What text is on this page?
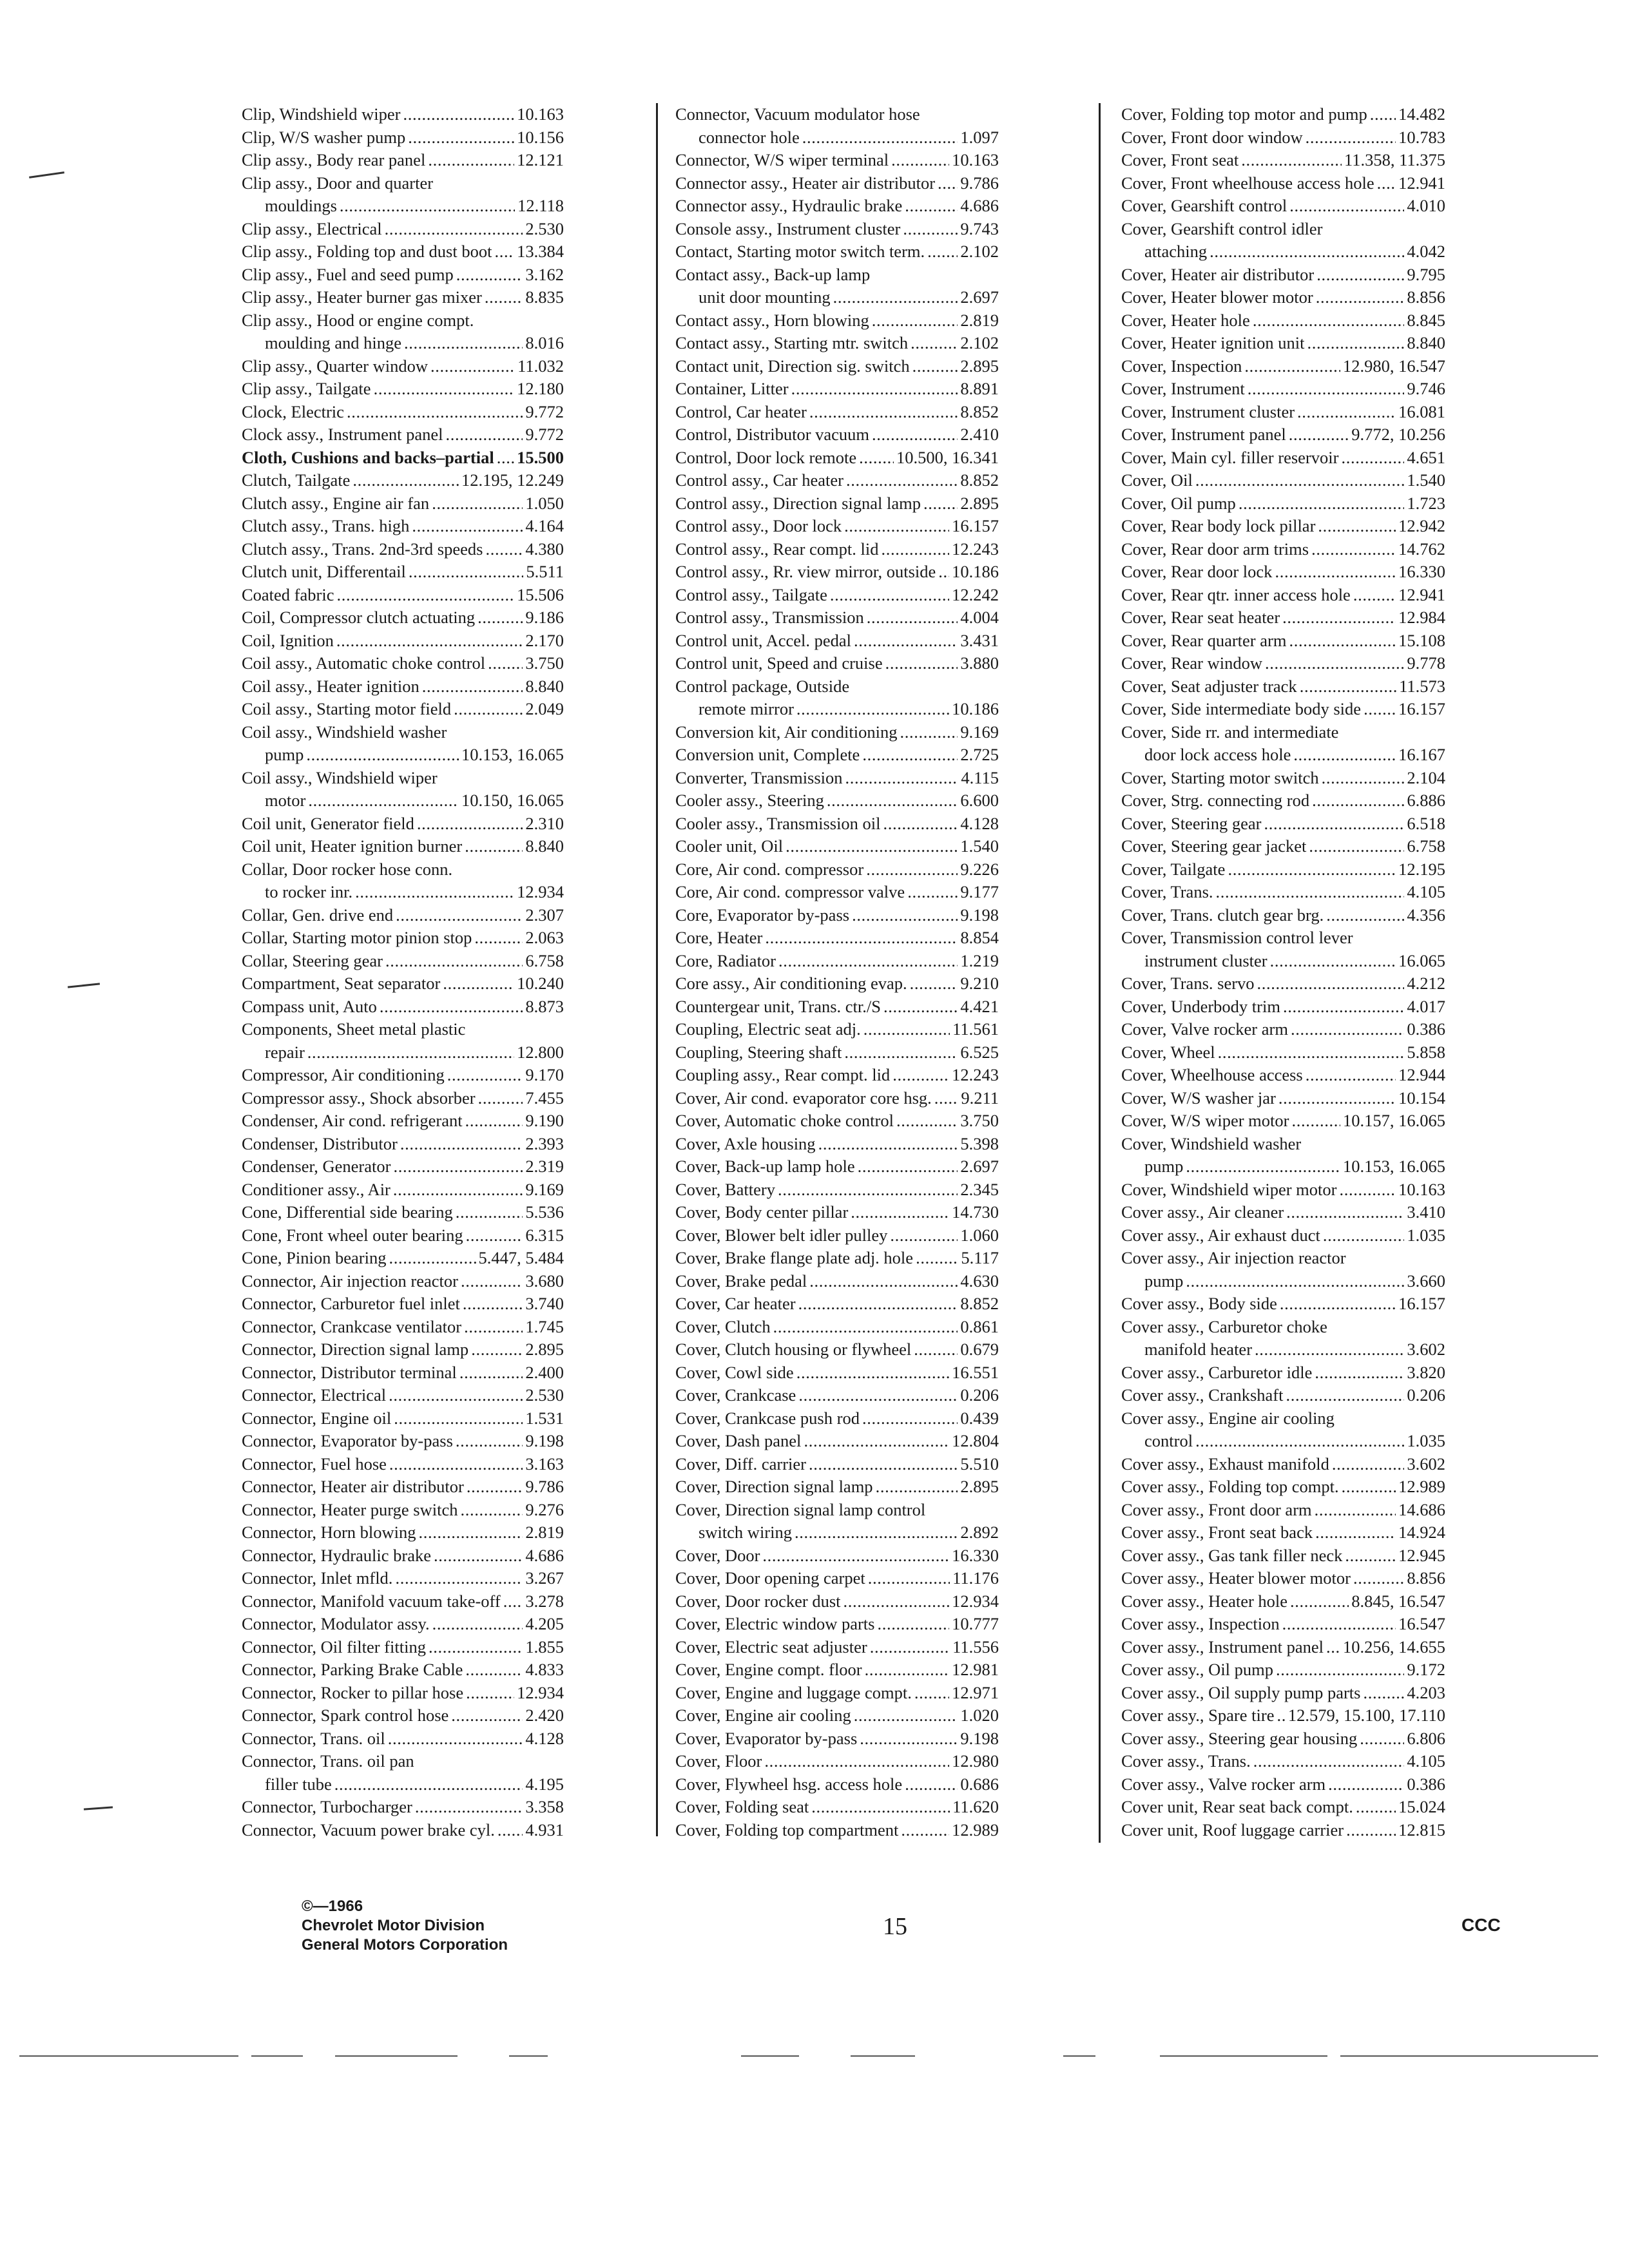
Clip, Windshield wiper . . .	10.163
Clip, W/S washer pump . . .	10.156
Clip assy., Body rear panel . . .	12.121
Clip assy., Door and quarter
mouldings . . .	12.118
Clip assy., Electrical . . .	2.530
Clip assy., Folding top and dust boot . . . 13.384
Clip assy., Fuel and seed pump . . .	3.162
Clip assy., Heater burner gas mixer . . .	8.835
Clip assy., Hood or engine compt.
moulding and hinge . . .	8.016
Clip assy., Quarter window . . .	11.032
Clip assy., Tailgate . . .	12.180
Clock, Electric . . .	9.772
Clock assy., Instrument panel . . .	9.772
Cloth, Cushions and backs–partial . . . 15.500
Clutch, Tailgate . . .	12.195, 12.249
Clutch assy., Engine air fan . . .	1.050
Clutch assy., Trans. high . . .	4.164
Clutch assy., Trans. 2nd-3rd speeds . . . 4.380
Clutch unit, Differentail . . .	5.511
Coated fabric . . .	15.506
Coil, Compressor clutch actuating . . .	9.186
Coil, Ignition . . .	2.170
Coil assy., Automatic choke control . . . 3.750
Coil assy., Heater ignition . . .	8.840
Coil assy., Starting motor field . . .	2.049
Coil assy., Windshield washer
pump . . .	10.153, 16.065
Coil assy., Windshield wiper
motor . . .	10.150, 16.065
Coil unit, Generator field . . .	2.310
Coil unit, Heater ignition burner . . .	8.840
Collar, Door rocker hose conn.
to rocker inr. . . .	12.934
Collar, Gen. drive end . . .	2.307
Collar, Starting motor pinion stop . . .	2.063
Collar, Steering gear . . .	6.758
Compartment, Seat separator . . .	10.240
Compass unit, Auto . . .	8.873
Components, Sheet metal plastic
repair . . .	12.800
Compressor, Air conditioning . . .	9.170
Compressor assy., Shock absorber . . .	7.455
Condenser, Air cond. refrigerant . . .	9.190
Condenser, Distributor . . .	2.393
Condenser, Generator . . .	2.319
Conditioner assy., Air . . .	9.169
Cone, Differential side bearing . . .	5.536
Cone, Front wheel outer bearing . . .	6.315
Cone, Pinion bearing . . .	5.447, 5.484
Connector, Air injection reactor . . .	3.680
Connector, Carburetor fuel inlet . . .	3.740
Connector, Crankcase ventilator . . .	1.745
Connector, Direction signal lamp . . .	2.895
Connector, Distributor terminal . . .	2.400
Connector, Electrical . . .	2.530
Connector, Engine oil . . .	1.531
Connector, Evaporator by-pass . . .	9.198
Connector, Fuel hose . . .	3.163
Connector, Heater air distributor . . .	9.786
Connector, Heater purge switch . . .	9.276
Connector, Horn blowing . . .	2.819
Connector, Hydraulic brake . . .	4.686
Connector, Inlet mfld. . . .	3.267
Connector, Manifold vacuum take-off . . . 3.278
Connector, Modulator assy. . . .	4.205
Connector, Oil filter fitting . . .	1.855
Connector, Parking Brake Cable . . .	4.833
Connector, Rocker to pillar hose . . .	12.934
Connector, Spark control hose . . .	2.420
Connector, Trans. oil . . .	4.128
Connector, Trans. oil pan
filler tube . . .	4.195
Connector, Turbocharger . . .	3.358
Connector, Vacuum power brake cyl. . . . 4.931
Connector, Vacuum modulator hose
connector hole . . .	1.097
Connector, W/S wiper terminal . . .	10.163
Connector assy., Heater air distributor . . . 9.786
Connector assy., Hydraulic brake . . .	4.686
Console assy., Instrument cluster . . .	9.743
Contact, Starting motor switch term. . . . 2.102
Contact assy., Back-up lamp
unit door mounting . . .	2.697
Contact assy., Horn blowing . . .	2.819
Contact assy., Starting mtr. switch . . .	2.102
Contact unit, Direction sig. switch . . .	2.895
Container, Litter . . .	8.891
Control, Car heater . . .	8.852
Control, Distributor vacuum . . .	2.410
Control, Door lock remote . . . 10.500, 16.341
Control assy., Car heater . . .	8.852
Control assy., Direction signal lamp . . . 2.895
Control assy., Door lock . . .	16.157
Control assy., Rear compt. lid . . .	12.243
Control assy., Rr. view mirror, outside . . . 10.186
Control assy., Tailgate . . .	12.242
Control assy., Transmission . . .	4.004
Control unit, Accel. pedal . . .	3.431
Control unit, Speed and cruise . . .	3.880
Control package, Outside
remote mirror . . .	10.186
Conversion kit, Air conditioning . . .	9.169
Conversion unit, Complete . . .	2.725
Converter, Transmission . . .	4.115
Cooler assy., Steering . . .	6.600
Cooler assy., Transmission oil . . .	4.128
Cooler unit, Oil . . .	1.540
Core, Air cond. compressor . . .	9.226
Core, Air cond. compressor valve . . .	9.177
Core, Evaporator by-pass . . .	9.198
Core, Heater . . .	8.854
Core, Radiator . . .	1.219
Core assy., Air conditioning evap. . . .	9.210
Countergear unit, Trans. ctr./S . . .	4.421
Coupling, Electric seat adj. . . .	11.561
Coupling, Steering shaft . . .	6.525
Coupling assy., Rear compt. lid . . .	12.243
Cover, Air cond. evaporator core hsg. . . . 9.211
Cover, Automatic choke control . . .	3.750
Cover, Axle housing . . .	5.398
Cover, Back-up lamp hole . . .	2.697
Cover, Battery . . .	2.345
Cover, Body center pillar . . .	14.730
Cover, Blower belt idler pulley . . .	1.060
Cover, Brake flange plate adj. hole . . .	5.117
Cover, Brake pedal . . .	4.630
Cover, Car heater . . .	8.852
Cover, Clutch . . .	0.861
Cover, Clutch housing or flywheel . . .	0.679
Cover, Cowl side . . .	16.551
Cover, Crankcase . . .	0.206
Cover, Crankcase push rod . . .	0.439
Cover, Dash panel . . .	12.804
Cover, Diff. carrier . . .	5.510
Cover, Direction signal lamp . . .	2.895
Cover, Direction signal lamp control
switch wiring . . .	2.892
Cover, Door . . .	16.330
Cover, Door opening carpet . . .	11.176
Cover, Door rocker dust . . .	12.934
Cover, Electric window parts . . .	10.777
Cover, Electric seat adjuster . . .	11.556
Cover, Engine compt. floor . . .	12.981
Cover, Engine and luggage compt. . . . 12.971
Cover, Engine air cooling . . .	1.020
Cover, Evaporator by-pass . . .	9.198
Cover, Floor . . .	12.980
Cover, Flywheel hsg. access hole . . .	0.686
Cover, Folding seat . . .	11.620
Cover, Folding top compartment . . .	12.989
Cover, Folding top motor and pump . . . 14.482
Cover, Front door window . . .	10.783
Cover, Front seat . . .	11.358, 11.375
Cover, Front wheelhouse access hole . . . 12.941
Cover, Gearshift control . . .	4.010
Cover, Gearshift control idler
attaching . . .	4.042
Cover, Heater air distributor . . .	9.795
Cover, Heater blower motor . . .	8.856
Cover, Heater hole . . .	8.845
Cover, Heater ignition unit . . .	8.840
Cover, Inspection . . .	12.980, 16.547
Cover, Instrument . . .	9.746
Cover, Instrument cluster . . .	16.081
Cover, Instrument panel . . .	9.772, 10.256
Cover, Main cyl. filler reservoir . . .	4.651
Cover, Oil . . .	1.540
Cover, Oil pump . . .	1.723
Cover, Rear body lock pillar . . .	12.942
Cover, Rear door arm trims . . .	14.762
Cover, Rear door lock . . .	16.330
Cover, Rear qtr. inner access hole . . .	12.941
Cover, Rear seat heater . . .	12.984
Cover, Rear quarter arm . . .	15.108
Cover, Rear window . . .	9.778
Cover, Seat adjuster track . . .	11.573
Cover, Side intermediate body side . . . 16.157
Cover, Side rr. and intermediate
door lock access hole . . .	16.167
Cover, Starting motor switch . . .	2.104
Cover, Strg. connecting rod . . .	6.886
Cover, Steering gear . . .	6.518
Cover, Steering gear jacket . . .	6.758
Cover, Tailgate . . .	12.195
Cover, Trans. . . .	4.105
Cover, Trans. clutch gear brg. . . .	4.356
Cover, Transmission control lever
instrument cluster . . .	16.065
Cover, Trans. servo . . .	4.212
Cover, Underbody trim . . .	4.017
Cover, Valve rocker arm . . .	0.386
Cover, Wheel . . .	5.858
Cover, Wheelhouse access . . .	12.944
Cover, W/S washer jar . . .	10.154
Cover, W/S wiper motor . . .	10.157, 16.065
Cover, Windshield washer
pump . . .	10.153, 16.065
Cover, Windshield wiper motor . . .	10.163
Cover assy., Air cleaner . . .	3.410
Cover assy., Air exhaust duct . . .	1.035
Cover assy., Air injection reactor
pump . . .	3.660
Cover assy., Body side . . .	16.157
Cover assy., Carburetor choke
manifold heater . . .	3.602
Cover assy., Carburetor idle . . .	3.820
Cover assy., Crankshaft . . .	0.206
Cover assy., Engine air cooling
control . . .	1.035
Cover assy., Exhaust manifold . . .	3.602
Cover assy., Folding top compt. . . .	12.989
Cover assy., Front door arm . . .	14.686
Cover assy., Front seat back . . .	14.924
Cover assy., Gas tank filler neck . . .	12.945
Cover assy., Heater blower motor . . .	8.856
Cover assy., Heater hole . . .	8.845, 16.547
Cover assy., Inspection . . .	16.547
Cover assy., Instrument panel . . . 10.256, 14.655
Cover assy., Oil pump . . .	9.172
Cover assy., Oil supply pump parts . . .	4.203
Cover assy., Spare tire . . . 12.579, 15.100, 17.110
Cover assy., Steering gear housing . . .	6.806
Cover assy., Trans. . . .	4.105
Cover assy., Valve rocker arm . . .	0.386
Cover unit, Rear seat back compt. . . .	15.024
Cover unit, Roof luggage carrier . . .	12.815
©—1966
Chevrolet Motor Division
General Motors Corporation
15	CCC
